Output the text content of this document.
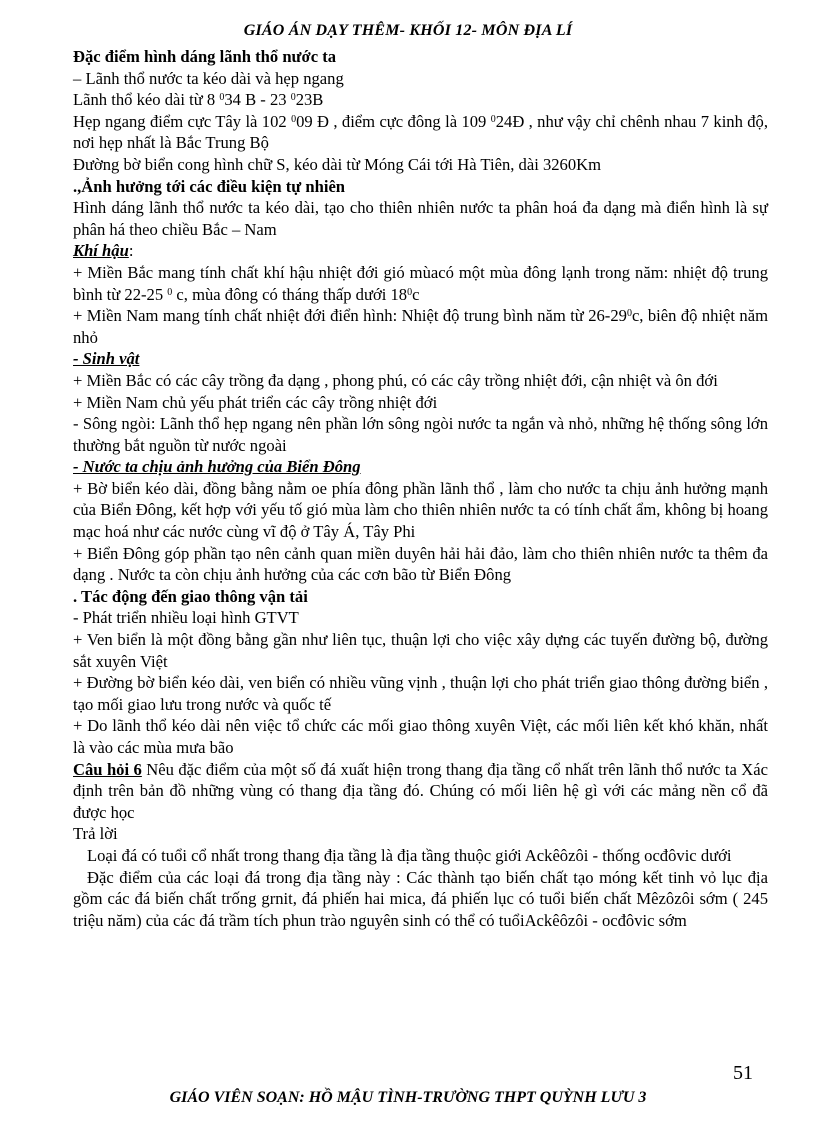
GIÁO ÁN DẠY THÊM- KHỐI 12- MÔN ĐỊA LÍ

Đặc điểm hình dáng lãnh thổ nước ta

– Lãnh thổ nước ta kéo dài và hẹp ngang

Lãnh thổ kéo dài từ 8 $^0$34 B - 23 $^0$23B

Hẹp ngang điểm cực Tây là 102 $^0$09 Đ , điểm cực đông là 109 $^0$24Đ , như vậy chỉ chênh nhau 7 kinh độ, nơi hẹp nhất là Bắc Trung Bộ

Đường bờ biển cong hình chữ S, kéo dài từ Móng Cái tới Hà Tiên, dài 3260Km

.,Ảnh hưởng tới các điều kiện tự nhiên

Hình dáng lãnh thổ nước ta kéo dài, tạo cho thiên nhiên nước ta phân hoá đa dạng mà điển hình là sự phân há theo chiều Bắc – Nam

Khí hậu:

+ Miền Bắc mang tính chất khí hậu nhiệt đới gió mùacó một mùa đông lạnh trong năm: nhiệt độ trung bình từ 22-25 $^0$ c, mùa đông có tháng thấp dưới $18^0c$

+ Miền Nam mang tính chất nhiệt đới điển hình: Nhiệt độ trung bình năm từ $26-29^0c$, biên độ nhiệt năm nhỏ

- Sinh vật

+ Miền Bắc có các cây trồng đa dạng , phong phú, có các cây trồng nhiệt đới, cận nhiệt và ôn đới

+ Miền Nam chủ yếu phát triển các cây trồng nhiệt đới

- Sông ngòi: Lãnh thổ hẹp ngang nên phần lớn sông ngòi nước ta ngắn và nhỏ, những hệ thống sông lớn thường bắt nguồn từ nước ngoài

- Nước ta chịu ảnh hưởng của Biển Đông

+ Bờ biển kéo dài, đồng bằng nằm oe phía đông phần lãnh thổ , làm cho nước ta chịu ảnh hưởng mạnh của Biển Đông, kết hợp với yếu tố gió mùa làm cho thiên nhiên nước ta có tính chất ẩm, không bị hoang mạc hoá như các nước cùng vĩ độ ở Tây Á, Tây Phi

+ Biển Đông góp phần tạo nên cảnh quan miền duyên hải hải đảo, làm cho thiên nhiên nước ta thêm đa dạng . Nước ta còn chịu ảnh hưởng của các cơn bão từ Biển Đông

. Tác động đến giao thông vận tải

- Phát triển nhiều loại hình GTVT

+ Ven biển là một đồng bằng gần như liên tục, thuận lợi cho việc xây dựng các tuyến đường bộ, đường sắt xuyên Việt

+ Đường bờ biển kéo dài, ven biển có nhiều vũng vịnh , thuận lợi cho phát triển giao thông đường biển , tạo mối giao lưu trong nước và quốc tế

+ Do lãnh thổ kéo dài nên việc tổ chức các mối giao thông xuyên Việt, các mối liên kết khó khăn, nhất là vào các mùa mưa bão

Câu hỏi 6 Nêu đặc điểm của một số đá xuất hiện trong thang địa tầng cổ nhất trên lãnh thổ nước ta Xác định trên bản đồ những vùng có thang địa tầng đó. Chúng có mối liên hệ gì với các mảng nền cổ đã được học

Trả lời

Loại đá có tuổi cổ nhất trong thang địa tầng là địa tầng thuộc giới Ackêôzôi - thống ocđôvic dưới

Đặc điểm của các loại đá trong địa tầng này : Các thành tạo biến chất tạo móng kết tinh vỏ lục địa gồm các đá biến chất trống grnit, đá phiến hai mica, đá phiến lục có tuổi biến chất Mêzôzôi sớm ( 245 triệu năm) của các đá trầm tích phun trào nguyên sinh có thể có tuổiAckêôzôi - ocđôvic sớm

51
GIÁO VIÊN SOẠN: HỒ MẬU TÌNH-TRƯỜNG THPT QUỲNH LƯU 3
